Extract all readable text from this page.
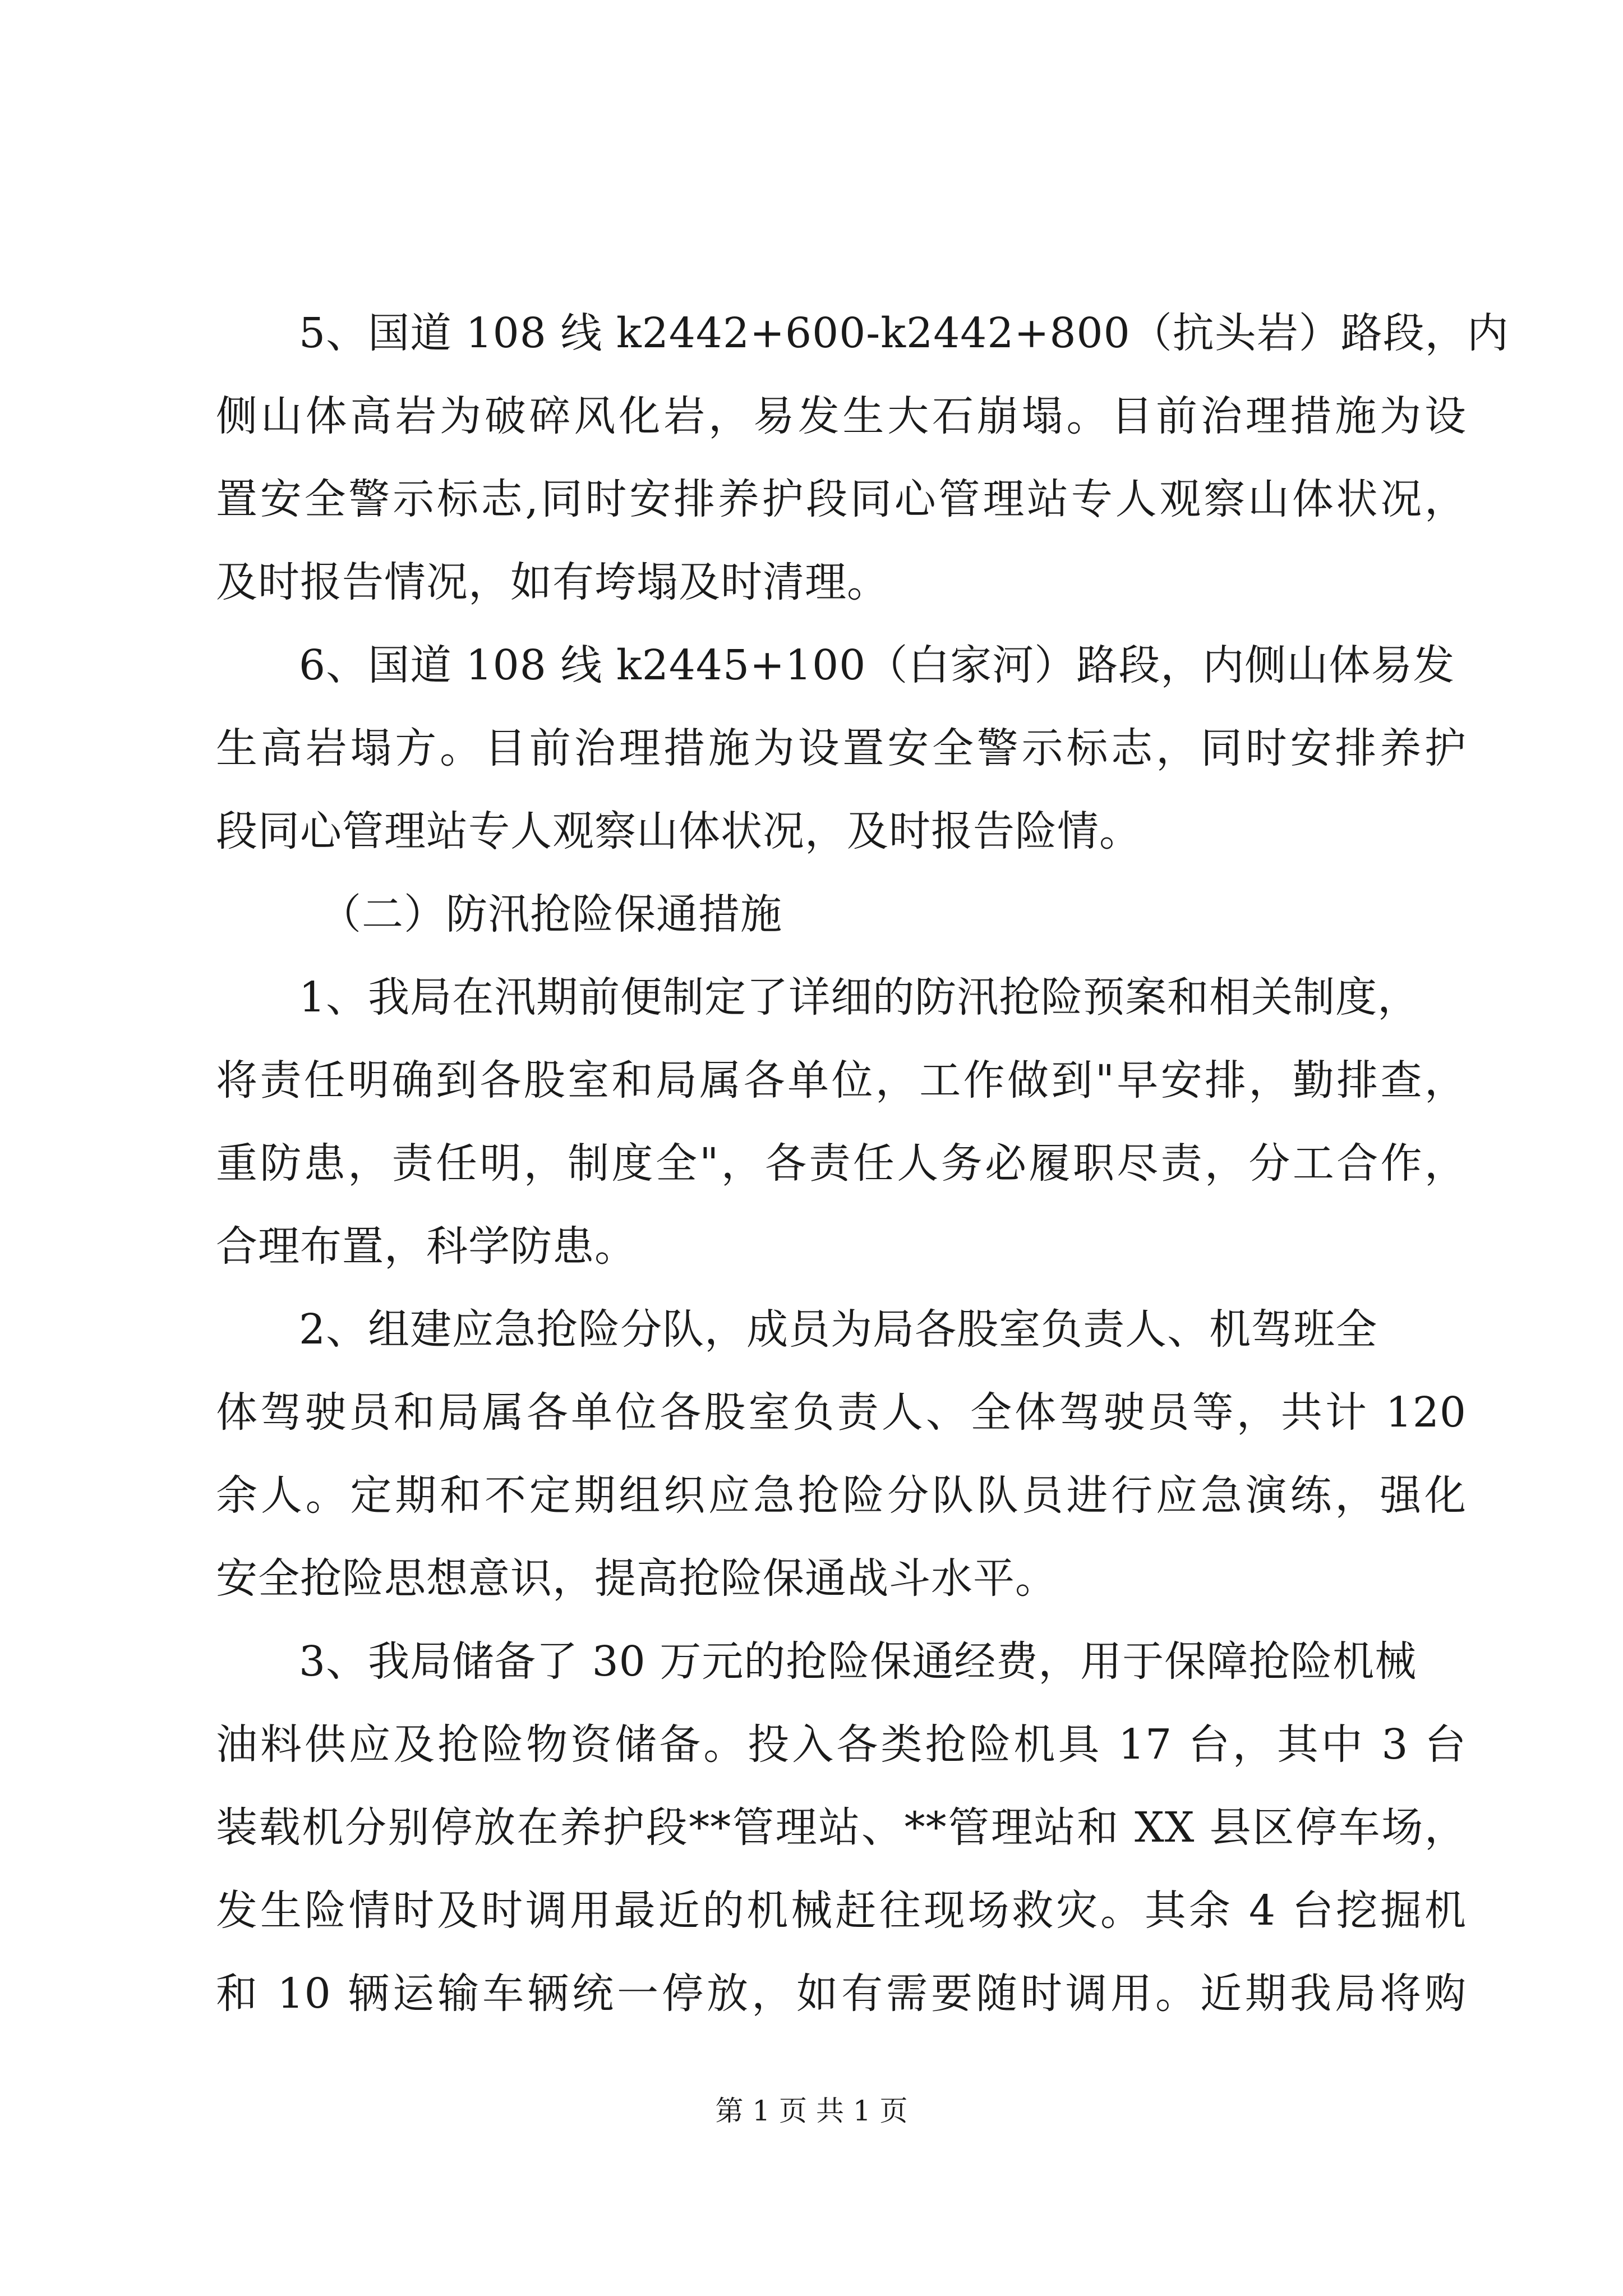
5、国道 108 线 k2442+600-k2442+800（抗头岩）路段，内
侧山体高岩为破碎风化岩，易发生大石崩塌。目前治理措施为设
置安全警示标志,同时安排养护段同心管理站专人观察山体状况，
及时报告情况，如有垮塌及时清理。
6、国道 108 线 k2445+100（白家河）路段，内侧山体易发
生高岩塌方。目前治理措施为设置安全警示标志，同时安排养护
段同心管理站专人观察山体状况，及时报告险情。
（二）防汛抢险保通措施
1、我局在汛期前便制定了详细的防汛抢险预案和相关制度，
将责任明确到各股室和局属各单位，工作做到"早安排，勤排查，
重防患，责任明，制度全"，各责任人务必履职尽责，分工合作，
合理布置，科学防患。
2、组建应急抢险分队，成员为局各股室负责人、机驾班全
体驾驶员和局属各单位各股室负责人、全体驾驶员等，共计 120
余人。定期和不定期组织应急抢险分队队员进行应急演练，强化
安全抢险思想意识，提高抢险保通战斗水平。
3、我局储备了 30 万元的抢险保通经费，用于保障抢险机械
油料供应及抢险物资储备。投入各类抢险机具 17 台，其中 3 台
装载机分别停放在养护段**管理站、**管理站和 XX 县区停车场，
发生险情时及时调用最近的机械赶往现场救灾。其余 4 台挖掘机
和 10 辆运输车辆统一停放，如有需要随时调用。近期我局将购
第 1 页 共 1 页
